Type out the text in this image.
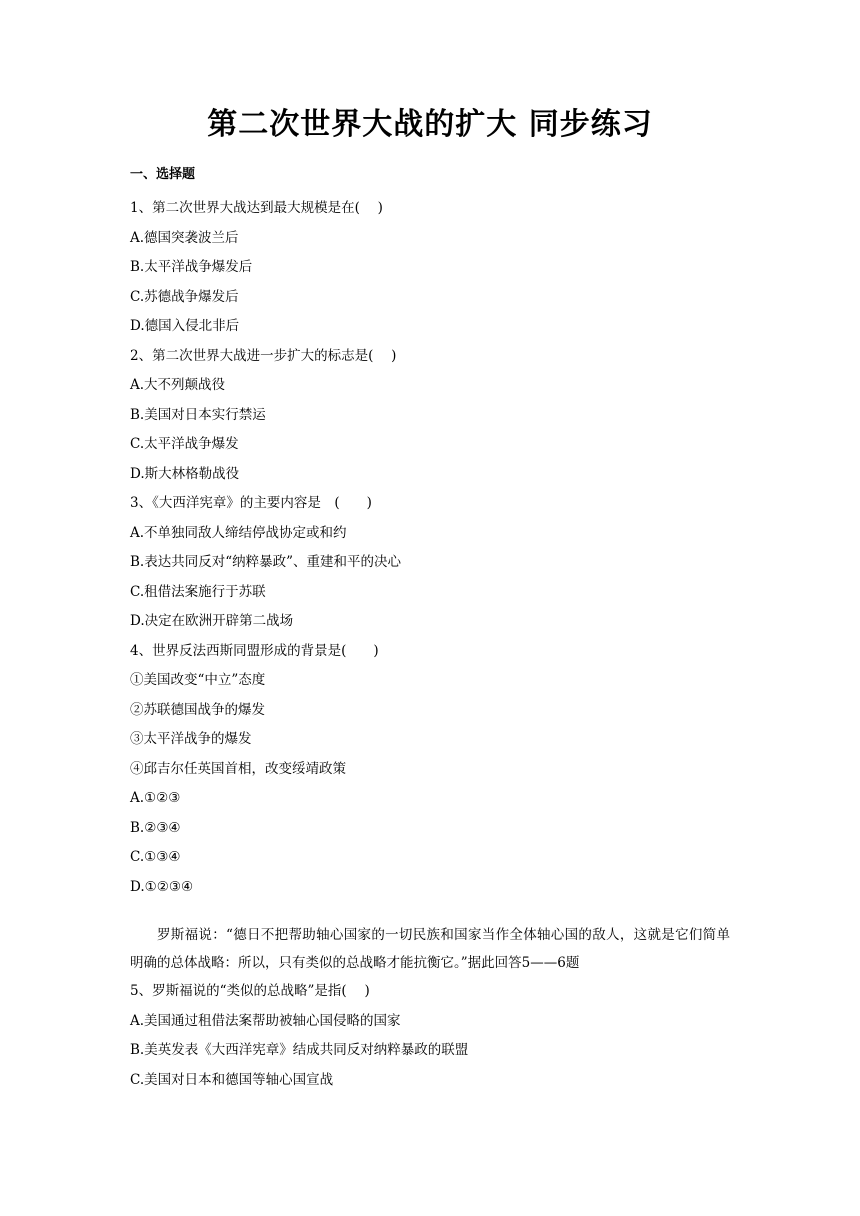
第二次世界大战的扩大 同步练习
一、选择题
1、第二次世界大战达到最大规模是在(　 )
A.德国突袭波兰后
B.太平洋战争爆发后
C.苏德战争爆发后
D.德国入侵北非后
2、第二次世界大战进一步扩大的标志是(　 )
A.大不列颠战役
B.美国对日本实行禁运
C.太平洋战争爆发
D.斯大林格勒战役
3、《大西洋宪章》的主要内容是　(　　)
A.不单独同敌人缔结停战协定或和约
B.表达共同反对“纳粹暴政”、重建和平的决心
C.租借法案施行于苏联
D.决定在欧洲开辟第二战场
4、世界反法西斯同盟形成的背景是(　　)
①美国改变“中立”态度
②苏联德国战争的爆发
③太平洋战争的爆发
④邱吉尔任英国首相，改变绥靖政策
A.①②③
B.②③④
C.①③④
D.①②③④
罗斯福说：“德日不把帮助轴心国家的一切民族和国家当作全体轴心国的敌人，这就是它们简单明确的总体战略：所以，只有类似的总战略才能抗衡它。”据此回答5——6题
5、罗斯福说的“类似的总战略”是指(　 )
A.美国通过租借法案帮助被轴心国侵略的国家
B.美英发表《大西洋宪章》结成共同反对纳粹暴政的联盟
C.美国对日本和德国等轴心国宣战
